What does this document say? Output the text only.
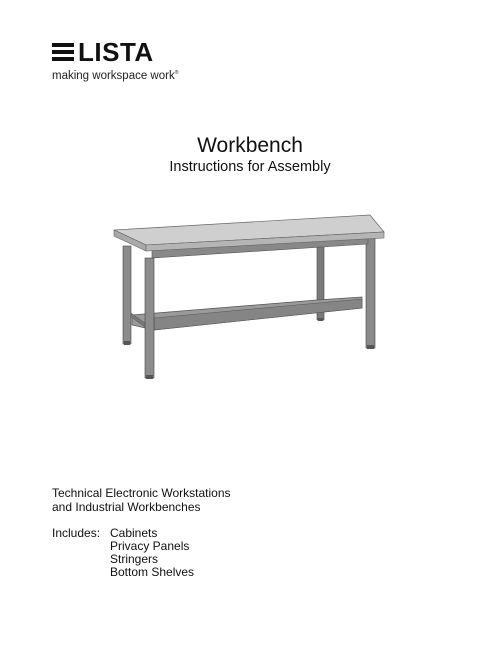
LISTA
making workspace work®
Workbench
Instructions for Assembly
Technical Electronic Workstations
and Industrial Workbenches
Includes: Cabinets
Privacy Panels
Stringers
Bottom Shelves
